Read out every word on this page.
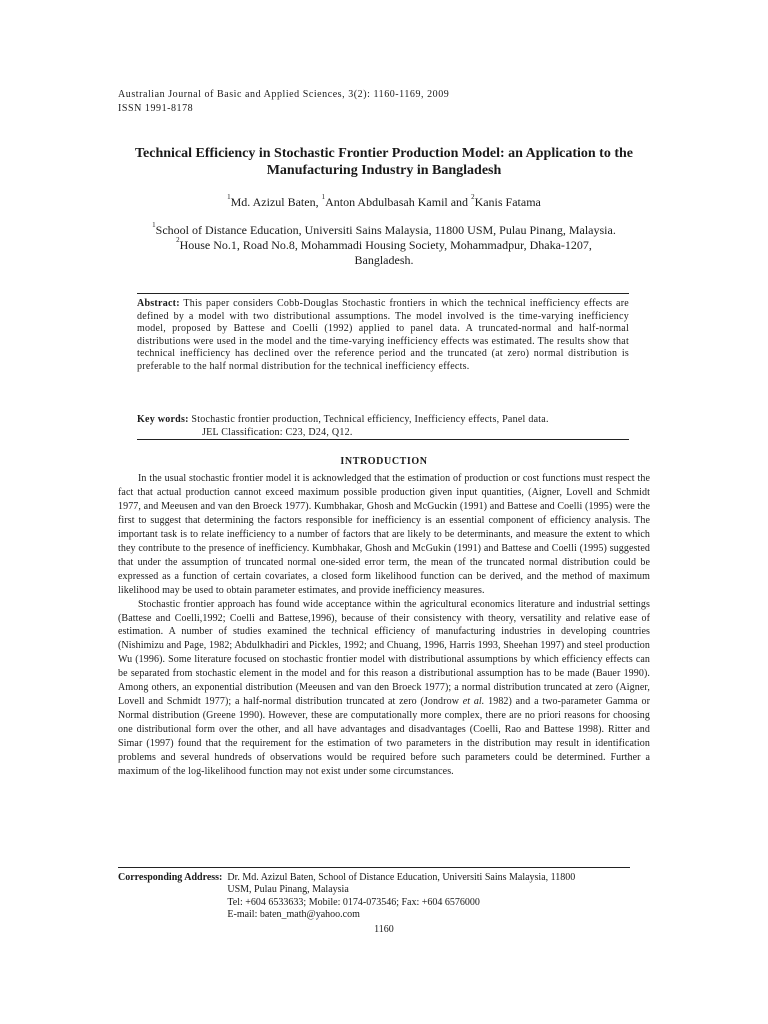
Australian Journal of Basic and Applied Sciences, 3(2): 1160-1169, 2009
ISSN 1991-8178
Technical Efficiency in Stochastic Frontier Production Model: an Application to the
Manufacturing Industry in Bangladesh
$^1$Md. Azizul Baten, $^1$Anton Abdulbasah Kamil and $^2$Kanis Fatama
$^1$School of Distance Education, Universiti Sains Malaysia, 11800 USM, Pulau Pinang, Malaysia.
$^2$House No.1, Road No.8, Mohammadi Housing Society, Mohammadpur, Dhaka-1207, Bangladesh.
Abstract: This paper considers Cobb-Douglas Stochastic frontiers in which the technical inefficiency effects are defined by a model with two distributional assumptions. The model involved is the time-varying inefficiency model, proposed by Battese and Coelli (1992) applied to panel data. A truncated-normal and half-normal distributions were used in the model and the time-varying inefficiency effects was estimated. The results show that technical inefficiency has declined over the reference period and the truncated (at zero) normal distribution is preferable to the half normal distribution for the technical inefficiency effects.
Key words: Stochastic frontier production, Technical efficiency, Inefficiency effects, Panel data.
JEL Classification: C23, D24, Q12.
INTRODUCTION

In the usual stochastic frontier model it is acknowledged that the estimation of production or cost functions must respect the fact that actual production cannot exceed maximum possible production given input quantities, (Aigner, Lovell and Schmidt 1977, and Meeusen and van den Broeck 1977). Kumbhakar, Ghosh and McGuckin (1991) and Battese and Coelli (1995) were the first to suggest that determining the factors responsible for inefficiency is an essential component of efficiency analysis. The important task is to relate inefficiency to a number of factors that are likely to be determinants, and measure the extent to which they contribute to the presence of inefficiency. Kumbhakar, Ghosh and McGukin (1991) and Battese and Coelli (1995) suggested that under the assumption of truncated normal one-sided error term, the mean of the truncated normal distribution could be expressed as a function of certain covariates, a closed form likelihood function can be derived, and the method of maximum likelihood may be used to obtain parameter estimates, and provide inefficiency measures.

Stochastic frontier approach has found wide acceptance within the agricultural economics literature and industrial settings (Battese and Coelli,1992; Coelli and Battese,1996), because of their consistency with theory, versatility and relative ease of estimation. A number of studies examined the technical efficiency of manufacturing industries in developing countries (Nishimizu and Page, 1982; Abdulkhadiri and Pickles, 1992; and Chuang, 1996, Harris 1993, Sheehan 1997) and steel production Wu (1996). Some literature focused on stochastic frontier model with distributional assumptions by which efficiency effects can be separated from stochastic element in the model and for this reason a distributional assumption has to be made (Bauer 1990). Among others, an exponential distribution (Meeusen and van den Broeck 1977); a normal distribution truncated at zero (Aigner, Lovell and Schmidt 1977); a half-normal distribution truncated at zero (Jondrow et al. 1982) and a two-parameter Gamma or Normal distribution (Greene 1990). However, these are computationally more complex, there are no priori reasons for choosing one distributional form over the other, and all have advantages and disadvantages (Coelli, Rao and Battese 1998). Ritter and Simar (1997) found that the requirement for the estimation of two parameters in the distribution may result in identification problems and several hundreds of observations would be required before such parameters could be determined. Further a maximum of the log-likelihood function may not exist under some circumstances.

Corresponding Address: Dr. Md. Azizul Baten, School of Distance Education, Universiti Sains Malaysia, 11800
USM, Pulau Pinang, Malaysia
Tel: +604 6533633; Mobile: 0174-073546; Fax: +604 6576000
E-mail: baten_math@yahoo.com
1160
